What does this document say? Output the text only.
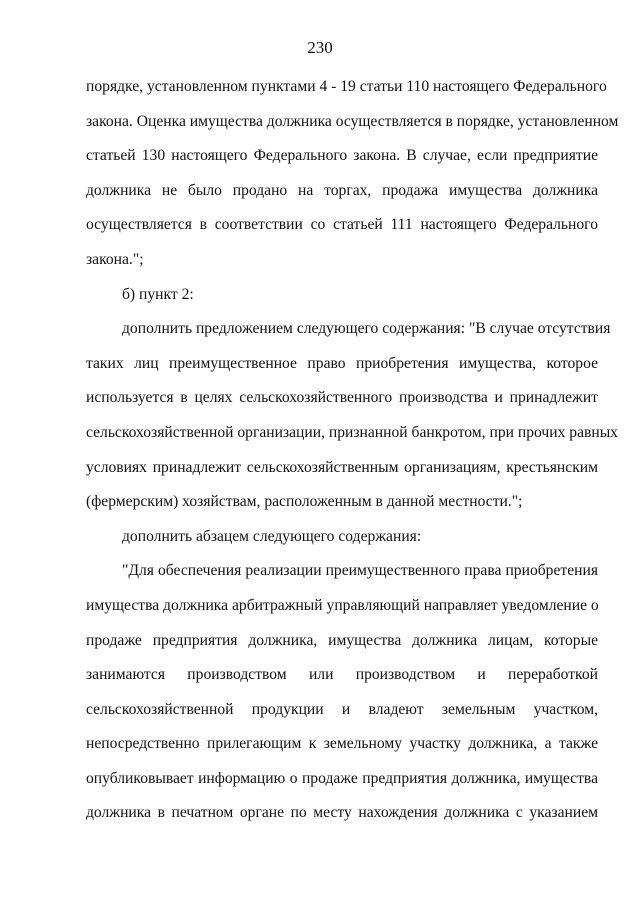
230
порядке, установленном пунктами 4 - 19 статьи 110 настоящего Федерального
закона. Оценка имущества должника осуществляется в порядке, установленном
статьей 130 настоящего Федерального закона. В случае, если предприятие
должника не было продано на торгах, продажа имущества должника
осуществляется в соответствии со статьей 111 настоящего Федерального
закона.";
б) пункт 2:
дополнить предложением следующего содержания: "В случае отсутствия
таких лиц преимущественное право приобретения имущества, которое
используется в целях сельскохозяйственного производства и принадлежит
сельскохозяйственной организации, признанной банкротом, при прочих равных
условиях принадлежит сельскохозяйственным организациям, крестьянским
(фермерским) хозяйствам, расположенным в данной местности.";
дополнить абзацем следующего содержания:
"Для обеспечения реализации преимущественного права приобретения
имущества должника арбитражный управляющий направляет уведомление о
продаже предприятия должника, имущества должника лицам, которые
занимаются производством или производством и переработкой
сельскохозяйственной продукции и владеют земельным участком,
непосредственно прилегающим к земельному участку должника, а также
опубликовывает информацию о продаже предприятия должника, имущества
должника в печатном органе по месту нахождения должника с указанием
